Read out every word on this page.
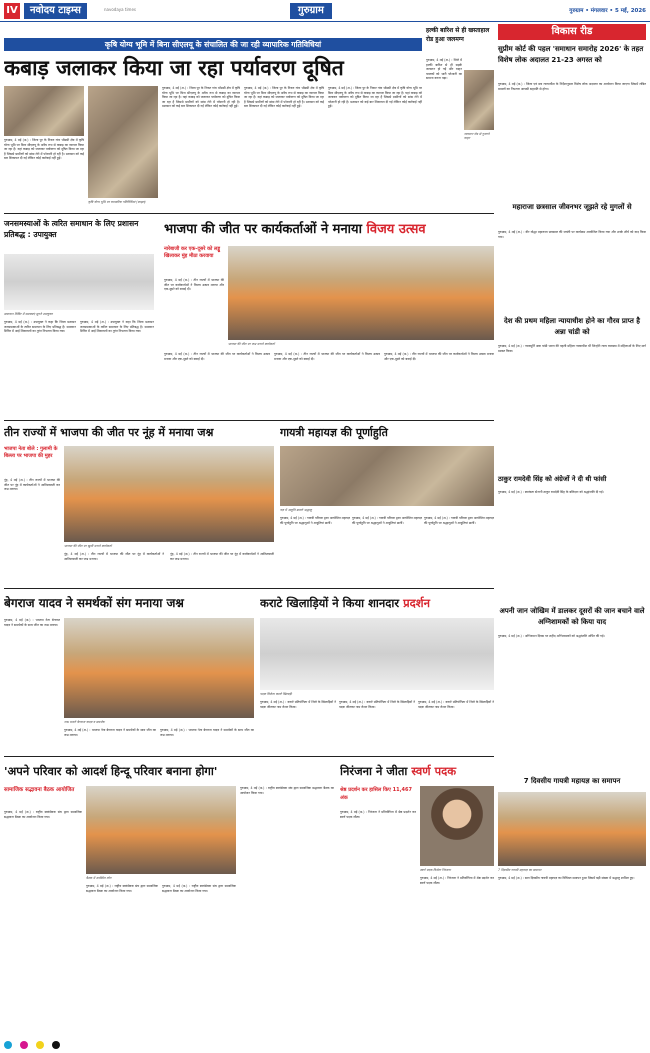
IV	नवोदय टाइम्स	navodaya times	गुरुग्राम	गुरुग्राम • मंगलवार • 5 मई, 2026
कृषि योग्य भूमि में बिना सीएलयू के संचालित की जा रही व्यापारिक गतिविधियां
कबाड़ जलाकर किया जा रहा पर्यावरण दूषित
गुरुग्राम, 4 मई (अ.) : जिला पुर के निकट गांव भोंडसी क्षेत्र में कृषि योग्य भूमि पर बिना सीएलयू के अवैध रूप से कबाड़ का व्यापार किया जा रहा है। यहां कबाड़ को जलाकर पर्यावरण को दूषित किया जा रहा है जिससे ग्रामीणों को सांस लेने में परेशानी हो रही है। प्रशासन को कई बार शिकायत दी गई लेकिन कोई कार्रवाई नहीं हुई।
कृषि योग्य भूमि पर व्यापारिक गतिविधियां (फाइल)
गुरुग्राम, 4 मई (अ.) : जिला पुर के निकट गांव भोंडसी क्षेत्र में कृषि योग्य भूमि पर बिना सीएलयू के अवैध रूप से कबाड़ का व्यापार किया जा रहा है। यहां कबाड़ को जलाकर पर्यावरण को दूषित किया जा रहा है जिससे ग्रामीणों को सांस लेने में परेशानी हो रही है। प्रशासन को कई बार शिकायत दी गई लेकिन कोई कार्रवाई नहीं हुई।
गुरुग्राम, 4 मई (अ.) : जिला पुर के निकट गांव भोंडसी क्षेत्र में कृषि योग्य भूमि पर बिना सीएलयू के अवैध रूप से कबाड़ का व्यापार किया जा रहा है। यहां कबाड़ को जलाकर पर्यावरण को दूषित किया जा रहा है जिससे ग्रामीणों को सांस लेने में परेशानी हो रही है। प्रशासन को कई बार शिकायत दी गई लेकिन कोई कार्रवाई नहीं हुई।
गुरुग्राम, 4 मई (अ.) : जिला पुर के निकट गांव भोंडसी क्षेत्र में कृषि योग्य भूमि पर बिना सीएलयू के अवैध रूप से कबाड़ का व्यापार किया जा रहा है। यहां कबाड़ को जलाकर पर्यावरण को दूषित किया जा रहा है जिससे ग्रामीणों को सांस लेने में परेशानी हो रही है। प्रशासन को कई बार शिकायत दी गई लेकिन कोई कार्रवाई नहीं हुई।
हल्की बारिश से ही खस्ताहाल रोड हुआ जलमग्न
गुरुग्राम, 4 मई (अ.) : जिले में हल्की बारिश से ही सड़कें जलमग्न हो गईं और वाहन चालकों को भारी परेशानी का सामना करना पड़ा।
जलमग्न रोड से गुजरते वाहन
विकास रीड
सुप्रीम कोर्ट की पहल 'समाधान समारोह 2026' के तहत विशेष लोक अदालत 21-23 अगस्त को
गुरुग्राम, 4 मई (अ.) : जिला एवं सत्र न्यायाधीश के निर्देशानुसार विशेष लोक अदालत का आयोजन किया जाएगा जिसमें लंबित मामलों का निपटारा आपसी सहमति से होगा।
महाराजा छत्रसाल जीवनभर जूझते रहे मुगलों से
गुरुग्राम, 4 मई (अ.) : वीर योद्धा महाराजा छत्रसाल की जयंती पर कार्यक्रम आयोजित किया गया और उनके शौर्य को याद किया गया।
देश की प्रथम महिला न्यायाधीश होने का गौरव प्राप्त है अन्ना चांडी को
गुरुग्राम, 4 मई (अ.) : न्यायमूर्ति अन्ना चांडी भारत की पहली महिला न्यायाधीश थीं जिन्होंने न्याय व्यवस्था में महिलाओं के लिए मार्ग प्रशस्त किया।
ठाकुर रामदेवी सिंह को अंग्रेजों ने दी थी फांसी
गुरुग्राम, 4 मई (अ.) : स्वतंत्रता सेनानी ठाकुर रामदेवी सिंह के बलिदान को श्रद्धांजलि दी गई।
अपनी जान जोखिम में डालकर दूसरों की जान बचाने वाले अग्निशामकों को किया याद
गुरुग्राम, 4 मई (अ.) : अग्निशमन दिवस पर शहीद अग्निशामकों को श्रद्धांजलि अर्पित की गई।
7 दिवसीय गायत्री महायज्ञ का समापन
7 दिवसीय गायत्री महायज्ञ का समापन
गुरुग्राम, 4 मई (अ.) : सात दिवसीय गायत्री महायज्ञ का विधिवत समापन हुआ जिसमें बड़ी संख्या में श्रद्धालु शामिल हुए।
जनसमस्याओं के त्वरित समाधान के लिए प्रशासन प्रतिबद्ध : उपायुक्त
समाधान शिविर में समस्याएं सुनते उपायुक्त
गुरुग्राम, 4 मई (अ.) : उपायुक्त ने कहा कि जिला प्रशासन जनसमस्याओं के त्वरित समाधान के लिए प्रतिबद्ध है। समाधान शिविर में आई शिकायतों का तुरंत निपटारा किया गया।
गुरुग्राम, 4 मई (अ.) : उपायुक्त ने कहा कि जिला प्रशासन जनसमस्याओं के त्वरित समाधान के लिए प्रतिबद्ध है। समाधान शिविर में आई शिकायतों का तुरंत निपटारा किया गया।
भाजपा की जीत पर कार्यकर्ताओं ने मनाया विजय उत्सव
नारेबाजी कर एक-दूसरे को लड्डू खिलाकर मुंह मीठा करवाया
गुरुग्राम, 4 मई (अ.) : तीन राज्यों में भाजपा की जीत पर कार्यकर्ताओं ने विजय उत्सव मनाया और एक-दूसरे को बधाई दी।
भाजपा की जीत पर जश्न मनाते कार्यकर्ता
गुरुग्राम, 4 मई (अ.) : तीन राज्यों में भाजपा की जीत पर कार्यकर्ताओं ने विजय उत्सव मनाया और एक-दूसरे को बधाई दी।
गुरुग्राम, 4 मई (अ.) : तीन राज्यों में भाजपा की जीत पर कार्यकर्ताओं ने विजय उत्सव मनाया और एक-दूसरे को बधाई दी।
गुरुग्राम, 4 मई (अ.) : तीन राज्यों में भाजपा की जीत पर कार्यकर्ताओं ने विजय उत्सव मनाया और एक-दूसरे को बधाई दी।
तीन राज्यों में भाजपा की जीत पर नूंह में मनाया जश्न
भाजपा नेता बोले : गुलामी के बिल्ला पर भाजपा की मुहर
नूंह, 4 मई (अ.) : तीन राज्यों में भाजपा की जीत पर नूंह में कार्यकर्ताओं ने आतिशबाजी कर जश्न मनाया।
भाजपा की जीत पर खुशी मनाते कार्यकर्ता
नूंह, 4 मई (अ.) : तीन राज्यों में भाजपा की जीत पर नूंह में कार्यकर्ताओं ने आतिशबाजी कर जश्न मनाया।
नूंह, 4 मई (अ.) : तीन राज्यों में भाजपा की जीत पर नूंह में कार्यकर्ताओं ने आतिशबाजी कर जश्न मनाया।
गायत्री महायज्ञ की पूर्णाहुति
यज्ञ में आहुति डालते श्रद्धालु
गुरुग्राम, 4 मई (अ.) : गायत्री परिवार द्वारा आयोजित महायज्ञ की पूर्णाहुति पर श्रद्धालुओं ने आहुतियां डालीं।
गुरुग्राम, 4 मई (अ.) : गायत्री परिवार द्वारा आयोजित महायज्ञ की पूर्णाहुति पर श्रद्धालुओं ने आहुतियां डालीं।
गुरुग्राम, 4 मई (अ.) : गायत्री परिवार द्वारा आयोजित महायज्ञ की पूर्णाहुति पर श्रद्धालुओं ने आहुतियां डालीं।
बेगराज यादव ने समर्थकों संग मनाया जश्न
गुरुग्राम, 4 मई (अ.) : भाजपा नेता बेगराज यादव ने समर्थकों के साथ जीत का जश्न मनाया।
जश्न मनाते बेगराज यादव व समर्थक
गुरुग्राम, 4 मई (अ.) : भाजपा नेता बेगराज यादव ने समर्थकों के साथ जीत का जश्न मनाया।
गुरुग्राम, 4 मई (अ.) : भाजपा नेता बेगराज यादव ने समर्थकों के साथ जीत का जश्न मनाया।
कराटे खिलाड़ियों ने किया शानदार प्रदर्शन
पदक विजेता कराटे खिलाड़ी
गुरुग्राम, 4 मई (अ.) : कराटे प्रतियोगिता में जिले के खिलाड़ियों ने पदक जीतकर नाम रोशन किया।
गुरुग्राम, 4 मई (अ.) : कराटे प्रतियोगिता में जिले के खिलाड़ियों ने पदक जीतकर नाम रोशन किया।
गुरुग्राम, 4 मई (अ.) : कराटे प्रतियोगिता में जिले के खिलाड़ियों ने पदक जीतकर नाम रोशन किया।
'अपने परिवार को आदर्श हिन्दू परिवार बनाना होगा'
सामाजिक सद्भावना बैठक आयोजित
गुरुग्राम, 4 मई (अ.) : राष्ट्रीय स्वयंसेवक संघ द्वारा सामाजिक सद्भावना बैठक का आयोजन किया गया।
बैठक में उपस्थित लोग
गुरुग्राम, 4 मई (अ.) : राष्ट्रीय स्वयंसेवक संघ द्वारा सामाजिक सद्भावना बैठक का आयोजन किया गया।
गुरुग्राम, 4 मई (अ.) : राष्ट्रीय स्वयंसेवक संघ द्वारा सामाजिक सद्भावना बैठक का आयोजन किया गया।
गुरुग्राम, 4 मई (अ.) : राष्ट्रीय स्वयंसेवक संघ द्वारा सामाजिक सद्भावना बैठक का आयोजन किया गया।
निरंजना ने जीता स्वर्ण पदक
श्रेष्ठ प्रदर्शन कर हासिल किए 11,467 अंक
गुरुग्राम, 4 मई (अ.) : निरंजना ने प्रतियोगिता में श्रेष्ठ प्रदर्शन कर स्वर्ण पदक जीता।
स्वर्ण पदक विजेता निरंजना
गुरुग्राम, 4 मई (अ.) : निरंजना ने प्रतियोगिता में श्रेष्ठ प्रदर्शन कर स्वर्ण पदक जीता।
